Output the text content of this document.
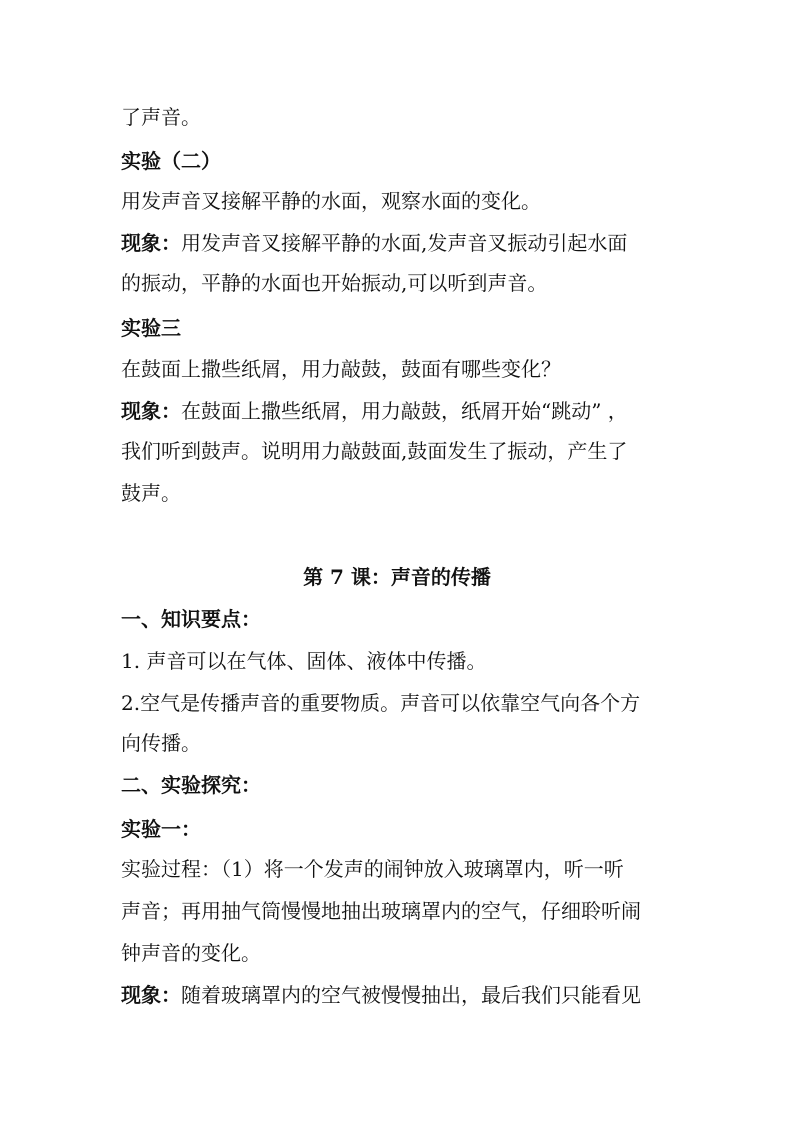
了声音。
实验（二）
用发声音叉接解平静的水面，观察水面的变化。
现象：用发声音叉接解平静的水面,发声音叉振动引起水面
的振动，平静的水面也开始振动,可以听到声音。
实验三
在鼓面上撒些纸屑，用力敲鼓，鼓面有哪些变化？
现象：在鼓面上撒些纸屑，用力敲鼓，纸屑开始“跳动” ，
我们听到鼓声。说明用力敲鼓面,鼓面发生了振动，产生了
鼓声。
第 7 课：声音的传播
一、知识要点：
1. 声音可以在气体、固体、液体中传播。
2.空气是传播声音的重要物质。声音可以依靠空气向各个方
向传播。
二、实验探究：
实验一：
实验过程：（1）将一个发声的闹钟放入玻璃罩内，听一听
声音；再用抽气筒慢慢地抽出玻璃罩内的空气，仔细聆听闹
钟声音的变化。
现象：随着玻璃罩内的空气被慢慢抽出，最后我们只能看见
